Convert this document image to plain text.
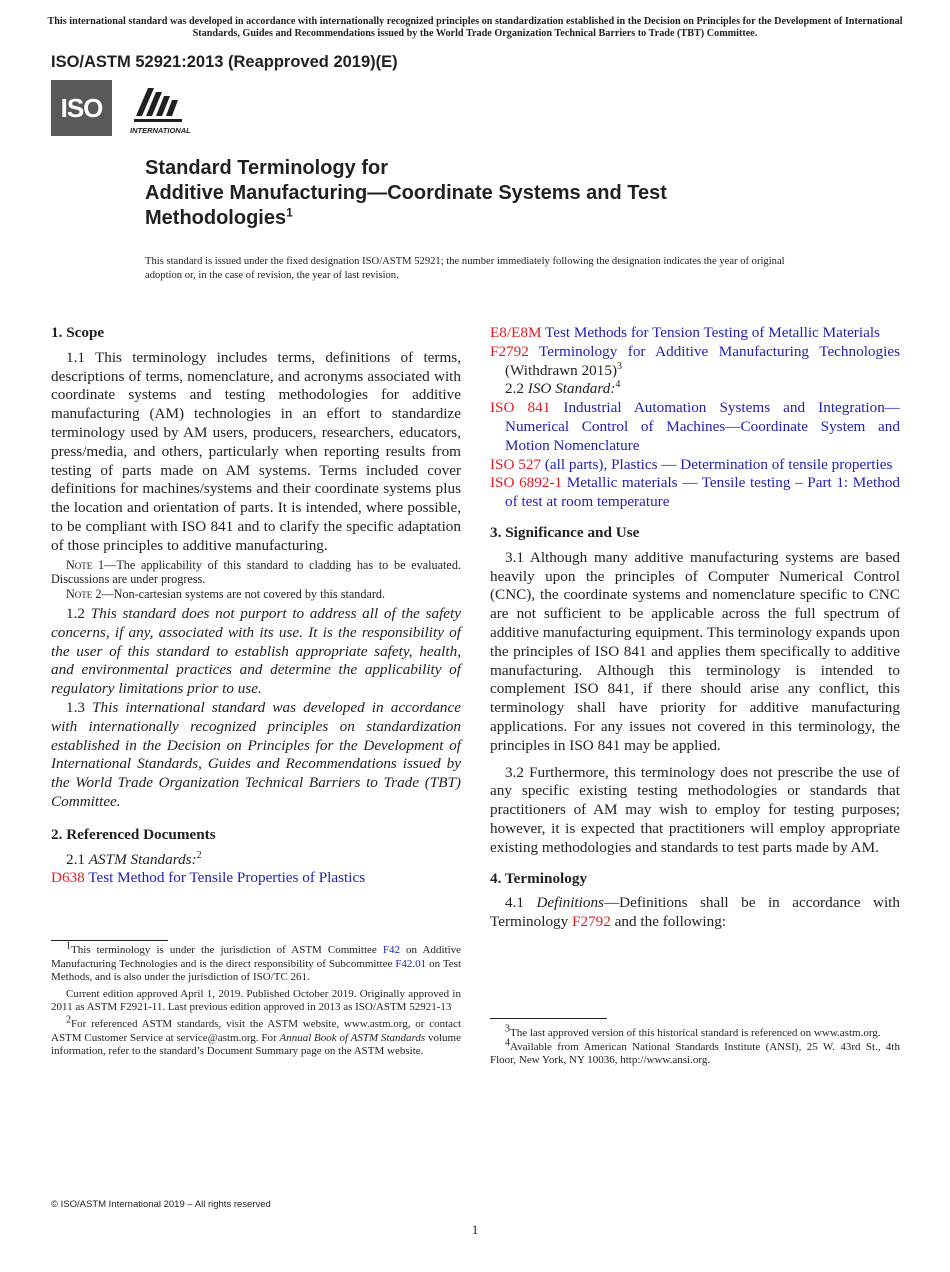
This international standard was developed in accordance with internationally recognized principles on standardization established in the Decision on Principles for the Development of International Standards, Guides and Recommendations issued by the World Trade Organization Technical Barriers to Trade (TBT) Committee.
ISO/ASTM 52921:2013 (Reapproved 2019)(E)
ISO
INTERNATIONAL
Standard Terminology for
Additive Manufacturing—Coordinate Systems and Test
Methodologies$^1$
This standard is issued under the fixed designation ISO/ASTM 52921; the number immediately following the designation indicates the year of original adoption or, in the case of revision, the year of last revision.
1. Scope

1.1 This terminology includes terms, definitions of terms, descriptions of terms, nomenclature, and acronyms associated with coordinate systems and testing methodologies for additive manufacturing (AM) technologies in an effort to standardize terminology used by AM users, producers, researchers, educators, press/media, and others, particularly when reporting results from testing of parts made on AM systems. Terms included cover definitions for machines/systems and their coordinate systems plus the location and orientation of parts. It is intended, where possible, to be compliant with ISO 841 and to clarify the specific adaptation of those principles to additive manufacturing.

Note 1—The applicability of this standard to cladding has to be evaluated. Discussions are under progress.
Note 2—Non-cartesian systems are not covered by this standard.

1.2 This standard does not purport to address all of the safety concerns, if any, associated with its use. It is the responsibility of the user of this standard to establish appropriate safety, health, and environmental practices and determine the applicability of regulatory limitations prior to use.

1.3 This international standard was developed in accordance with internationally recognized principles on standardization established in the Decision on Principles for the Development of International Standards, Guides and Recommendations issued by the World Trade Organization Technical Barriers to Trade (TBT) Committee.

2. Referenced Documents

2.1 ASTM Standards:$^2$

D638 Test Method for Tensile Properties of Plastics

$^1$This terminology is under the jurisdiction of ASTM Committee F42 on Additive Manufacturing Technologies and is the direct responsibility of Subcommittee F42.01 on Test Methods, and is also under the jurisdiction of ISO/TC 261.
Current edition approved April 1, 2019. Published October 2019. Originally approved in 2011 as ASTM F2921-11. Last previous edition approved in 2013 as ISO/ASTM 52921-13
$^2$For referenced ASTM standards, visit the ASTM website, www.astm.org, or contact ASTM Customer Service at service@astm.org. For Annual Book of ASTM Standards volume information, refer to the standard’s Document Summary page on the ASTM website.

E8/E8M Test Methods for Tension Testing of Metallic Materials

F2792 Terminology for Additive Manufacturing Technologies (Withdrawn 2015)$^3$

2.2 ISO Standard:$^4$

ISO 841 Industrial Automation Systems and Integration—Numerical Control of Machines—Coordinate System and Motion Nomenclature

ISO 527 (all parts), Plastics — Determination of tensile properties

ISO 6892-1 Metallic materials — Tensile testing – Part 1: Method of test at room temperature

3. Significance and Use

3.1 Although many additive manufacturing systems are based heavily upon the principles of Computer Numerical Control (CNC), the coordinate systems and nomenclature specific to CNC are not sufficient to be applicable across the full spectrum of additive manufacturing equipment. This terminology expands upon the principles of ISO 841 and applies them specifically to additive manufacturing. Although this terminology is intended to complement ISO 841, if there should arise any conflict, this terminology shall have priority for additive manufacturing applications. For any issues not covered in this terminology, the principles in ISO 841 may be applied.

3.2 Furthermore, this terminology does not prescribe the use of any specific existing testing methodologies or standards that practitioners of AM may wish to employ for testing purposes; however, it is expected that practitioners will employ appropriate existing methodologies and standards to test parts made by AM.

4. Terminology

4.1 Definitions—Definitions shall be in accordance with Terminology F2792 and the following:

$^3$The last approved version of this historical standard is referenced on www.astm.org.
$^4$Available from American National Standards Institute (ANSI), 25 W. 43rd St., 4th Floor, New York, NY 10036, http://www.ansi.org.
© ISO/ASTM International 2019 – All rights reserved
1
